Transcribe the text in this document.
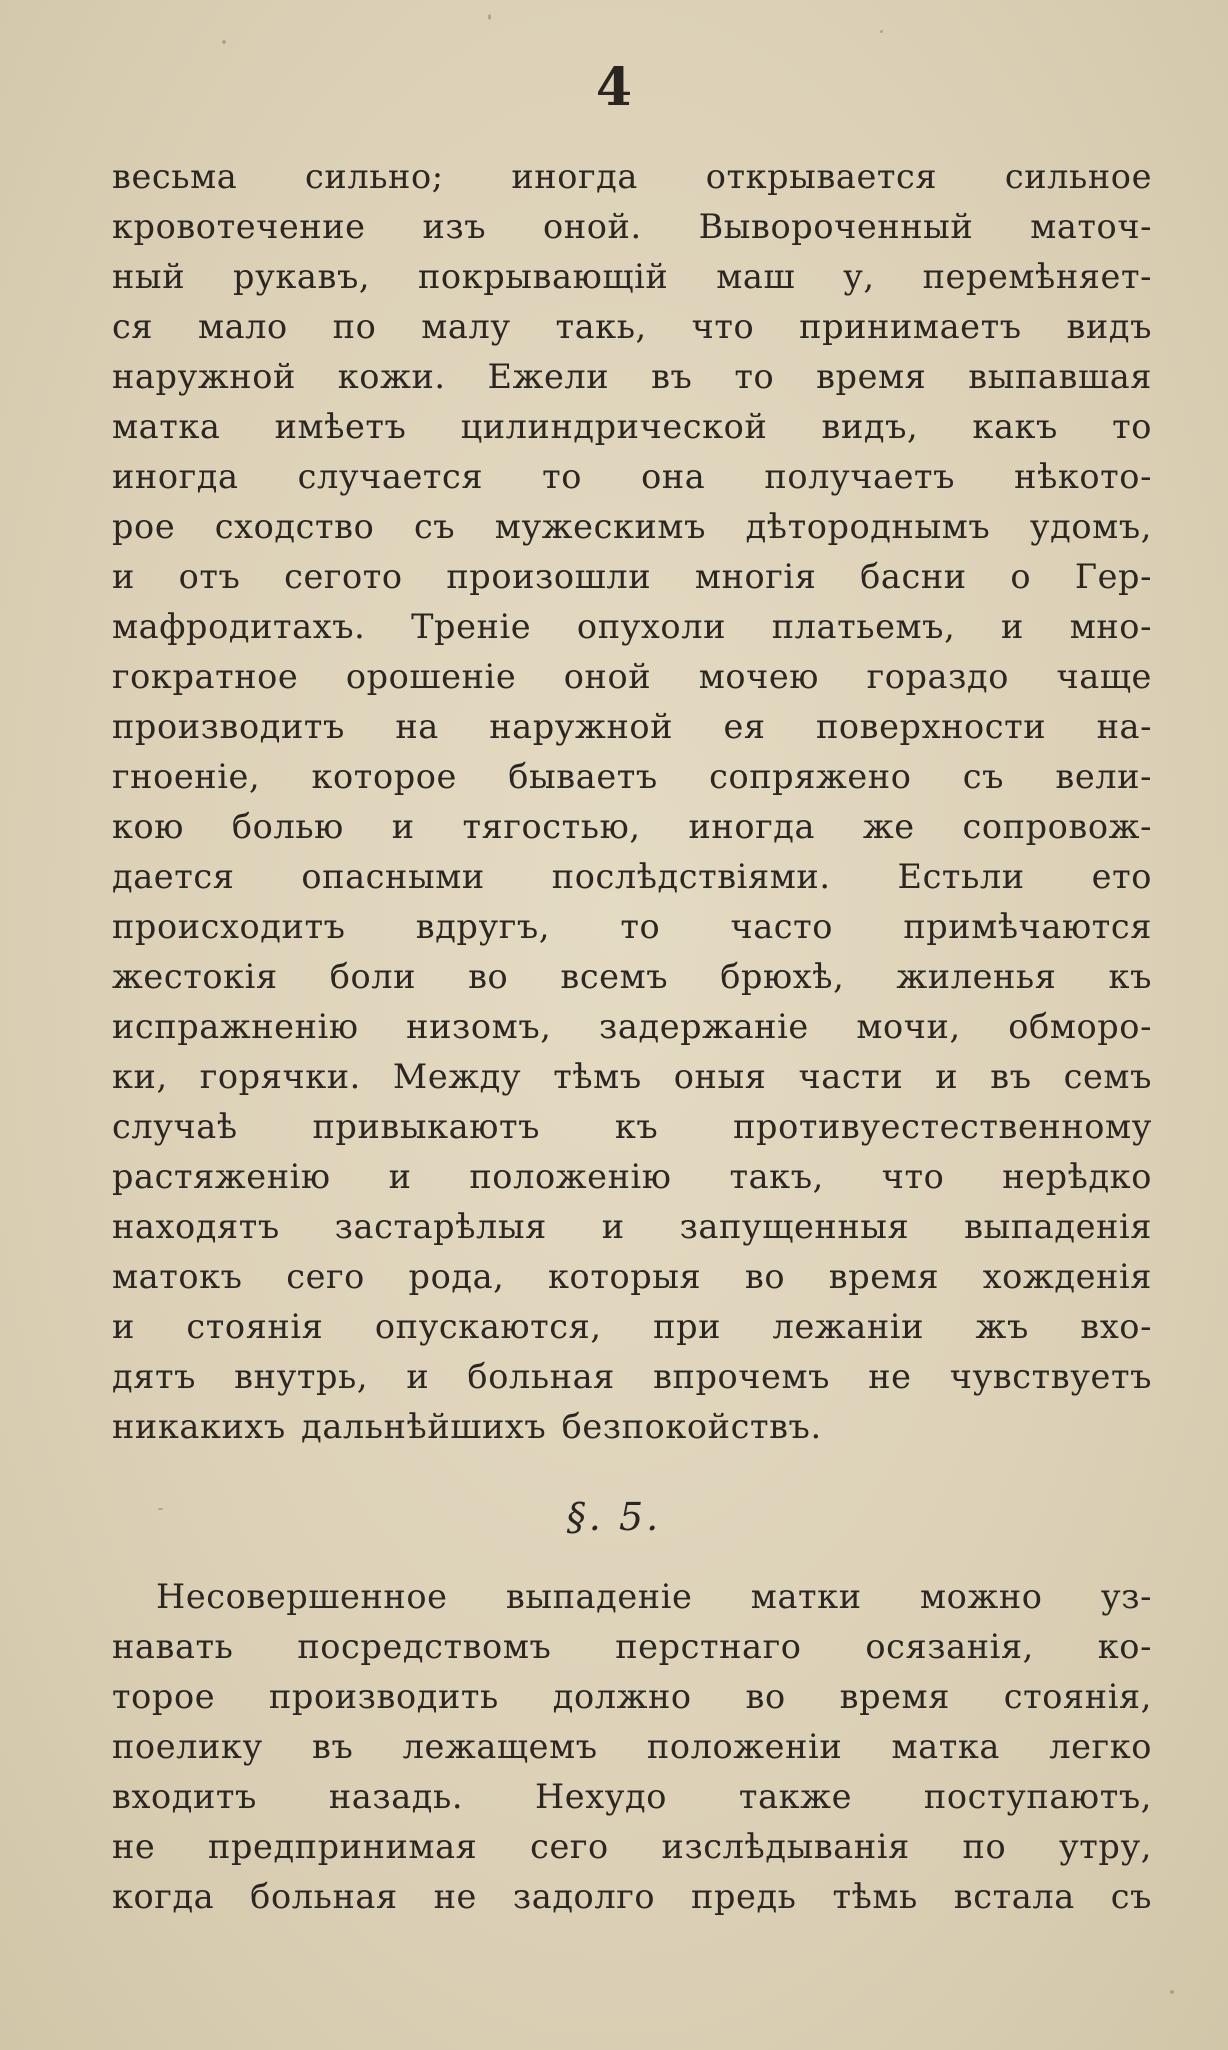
4
весьма сильно; иногда открывается сильное
кровотечение изъ оной. Вывороченный маточ-
ный рукавъ, покрывающій маш у, перемѣняет-
ся мало по малу такь, что принимаетъ видъ
наружной кожи. Ежели въ то время выпавшая
матка имѣетъ цилиндрической видъ, какъ то
иногда случается то она получаетъ нѣкото-
рое сходство съ мужескимъ дѣтороднымъ удомъ,
и отъ сегото произошли многія басни о Гер-
мафродитахъ. Треніе опухоли платьемъ, и мно-
гократное орошеніе оной мочею гораздо чаще
производитъ на наружной ея поверхности на-
гноеніе, которое бываетъ сопряжено съ вели-
кою болью и тягостью, иногда же сопровож-
дается опасными послѣдствіями. Естьли ето
происходитъ вдругъ, то часто примѣчаются
жестокія боли во всемъ брюхѣ, жиленья къ
испражненію низомъ, задержаніе мочи, обморо-
ки, горячки. Между тѣмъ оныя части и въ семъ
случаѣ привыкаютъ къ противуестественному
растяженію и положенію такъ, что нерѣдко
находятъ застарѣлыя и запущенныя выпаденія
матокъ сего рода, которыя во время хожденія
и стоянія опускаются, при лежаніи жъ вхо-
дятъ внутрь, и больная впрочемъ не чувствуетъ
никакихъ дальнѣйшихъ безпокойствъ.
§. 5.
Несовершенное выпаденіе матки можно уз-
навать посредствомъ перстнаго осязанія, ко-
торое производить должно во время стоянія,
поелику въ лежащемъ положеніи матка легко
входитъ назадь. Нехудо также поступаютъ,
не предпринимая сего изслѣдыванія по утру,
когда больная не задолго предь тѣмь встала съ
